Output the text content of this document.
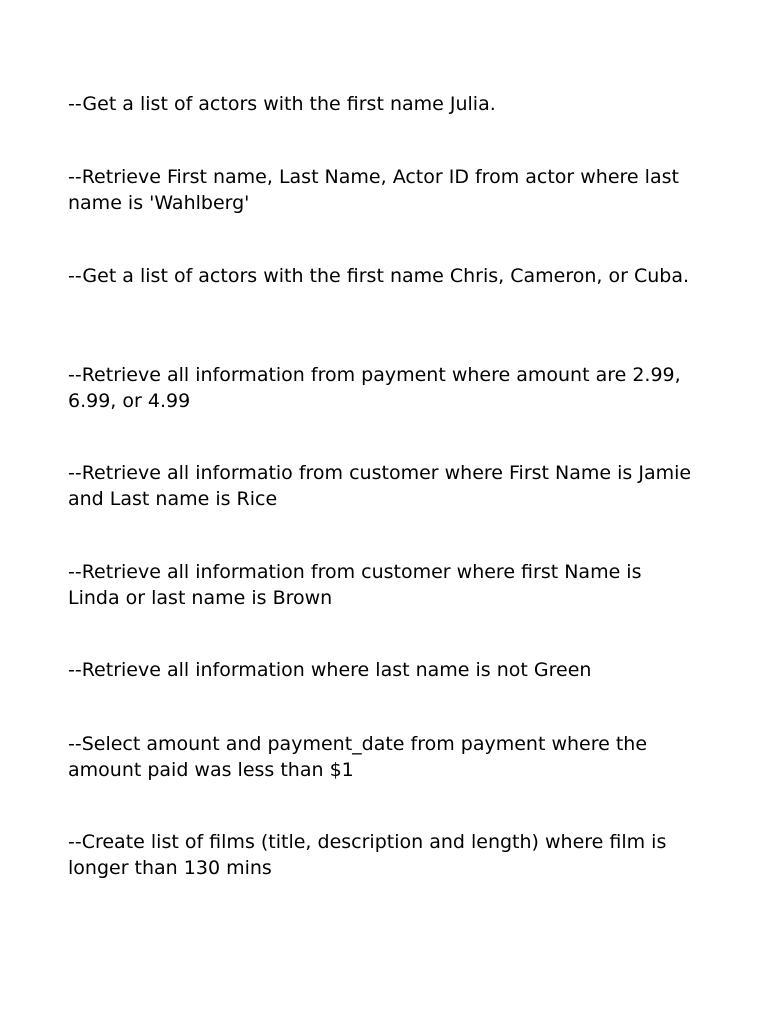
--Get a list of actors with the first name Julia.

--Retrieve First name, Last Name, Actor ID from actor where last name is 'Wahlberg'

--Get a list of actors with the first name Chris, Cameron, or Cuba.

--Retrieve all information from payment where amount are 2.99, 6.99, or 4.99

--Retrieve all informatio from customer where First Name is Jamie and Last name is Rice

--Retrieve all information from customer where first Name is Linda or last name is Brown

--Retrieve all information where last name is not Green

--Select amount and payment_date from payment where the amount paid was less than $1

--Create list of films (title, description and length) where film is longer than 130 mins
